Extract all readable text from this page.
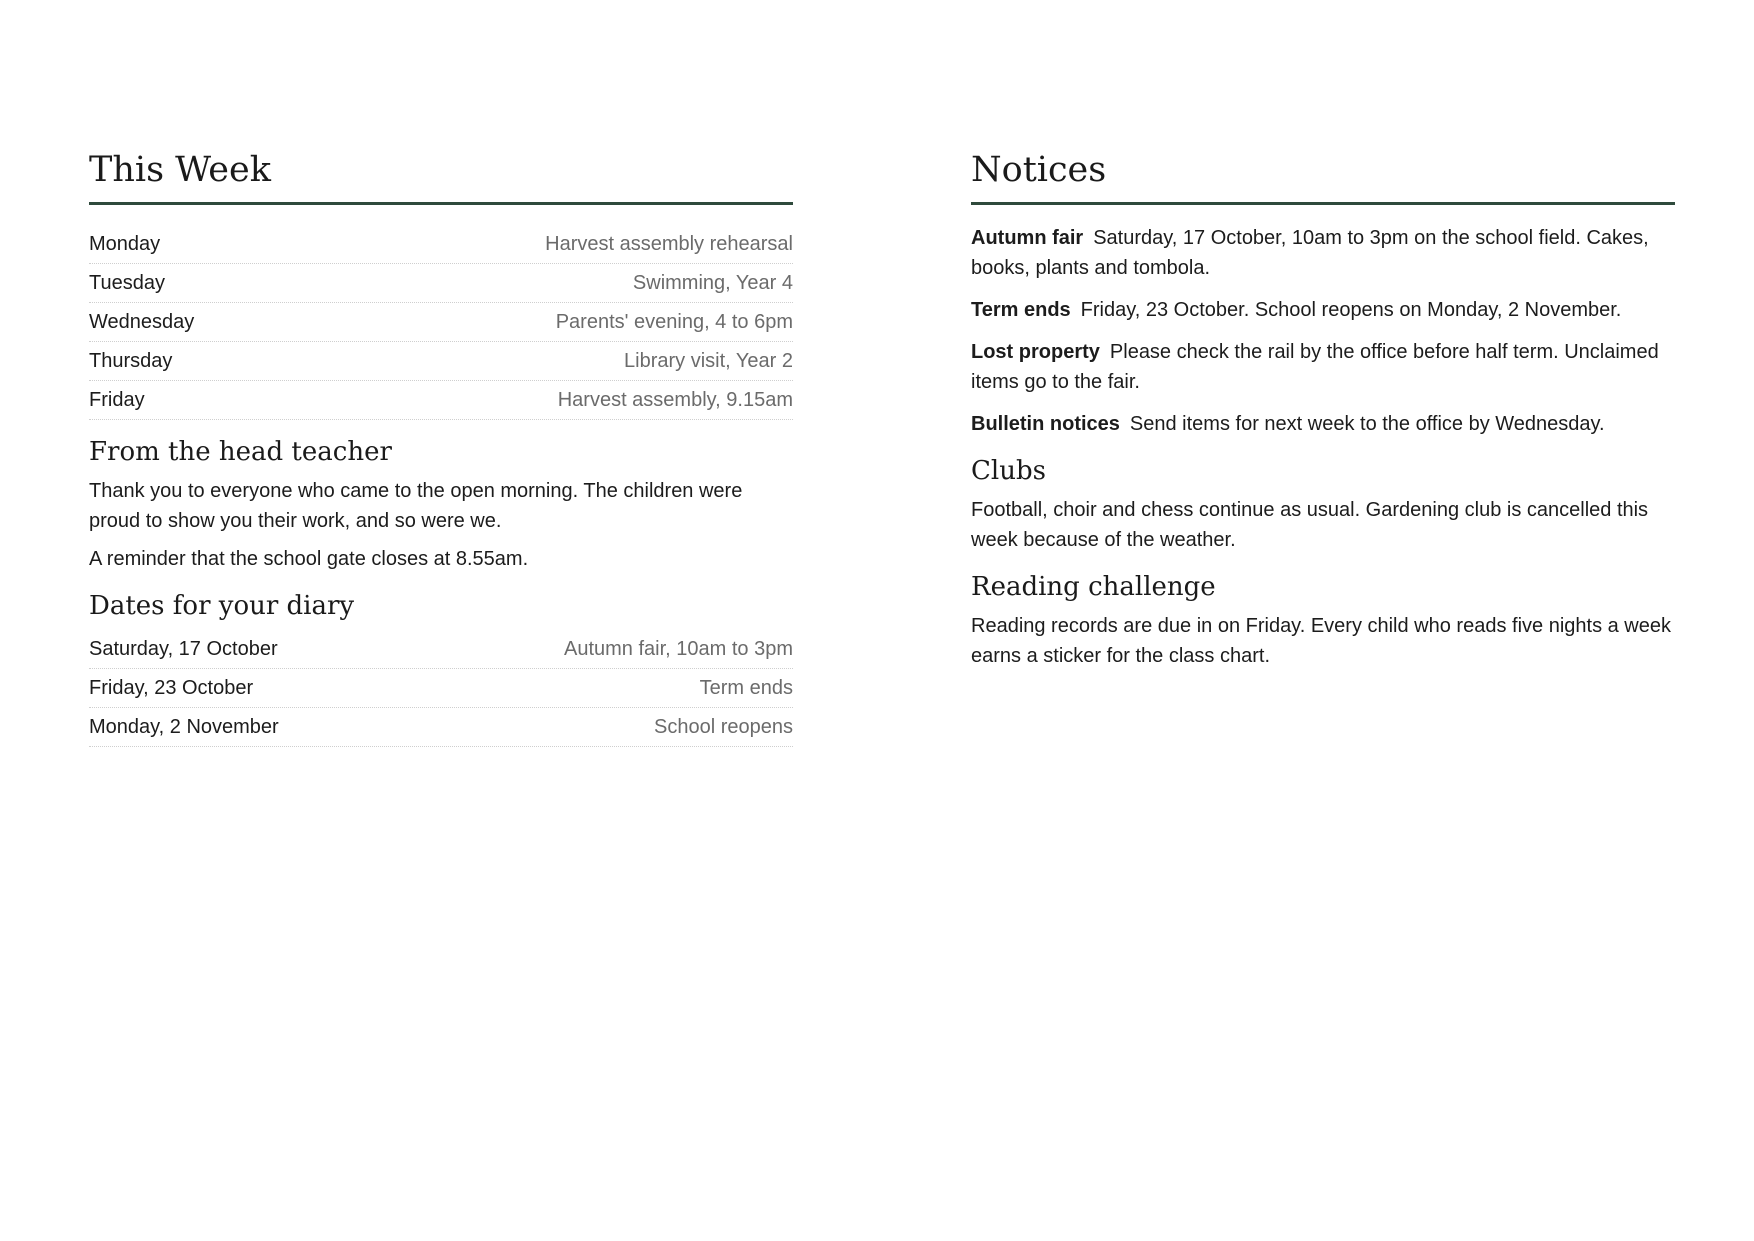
This Week
Monday	Harvest assembly rehearsal
Tuesday	Swimming, Year 4
Wednesday	Parents' evening, 4 to 6pm
Thursday	Library visit, Year 2
Friday	Harvest assembly, 9.15am
From the head teacher

Thank you to everyone who came to the open morning. The children were proud to show you their work, and so were we.

A reminder that the school gate closes at 8.55am.

Dates for your diary
Saturday, 17 October	Autumn fair, 10am to 3pm
Friday, 23 October	Term ends
Monday, 2 November	School reopens
Notices

Autumn fair Saturday, 17 October, 10am to 3pm on the school field. Cakes, books, plants and tombola.

Term ends Friday, 23 October. School reopens on Monday, 2 November.

Lost property Please check the rail by the office before half term. Unclaimed items go to the fair.

Bulletin notices Send items for next week to the office by Wednesday.

Clubs

Football, choir and chess continue as usual. Gardening club is cancelled this week because of the weather.

Reading challenge

Reading records are due in on Friday. Every child who reads five nights a week earns a sticker for the class chart.
